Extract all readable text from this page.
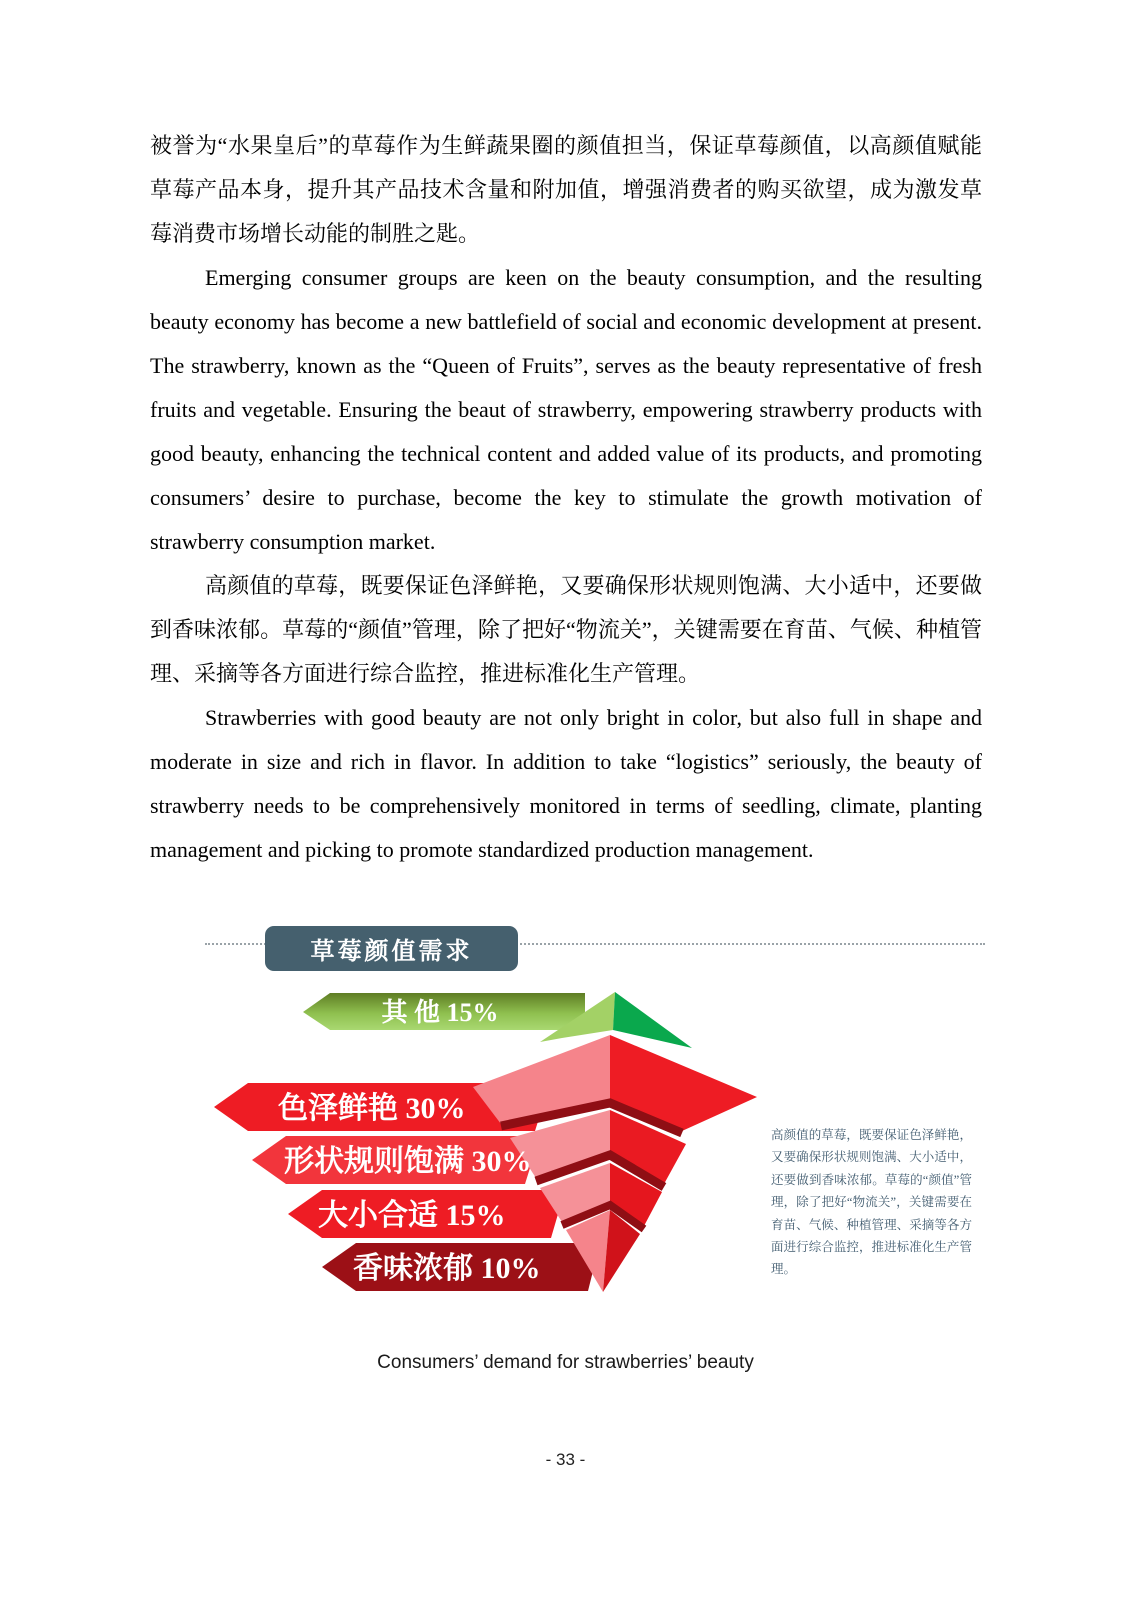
被誉为“水果皇后”的草莓作为生鲜蔬果圈的颜值担当，保证草莓颜值，以高颜值赋能草莓产品本身，提升其产品技术含量和附加值，增强消费者的购买欲望，成为激发草莓消费市场增长动能的制胜之匙。

Emerging consumer groups are keen on the beauty consumption, and the resulting beauty economy has become a new battlefield of social and economic development at present. The strawberry, known as the “Queen of Fruits”, serves as the beauty representative of fresh fruits and vegetable. Ensuring the beaut of strawberry, empowering strawberry products with good beauty, enhancing the technical content and added value of its products, and promoting consumers’ desire to purchase, become the key to stimulate the growth motivation of strawberry consumption market.

高颜值的草莓，既要保证色泽鲜艳，又要确保形状规则饱满、大小适中，还要做到香味浓郁。草莓的“颜值”管理，除了把好“物流关”，关键需要在育苗、气候、种植管理、采摘等各方面进行综合监控，推进标准化生产管理。

Strawberries with good beauty are not only bright in color, but also full in shape and moderate in size and rich in flavor. In addition to take “logistics” seriously, the beauty of strawberry needs to be comprehensively monitored in terms of seedling, climate, planting management and picking to promote standardized production management.

草莓颜值需求
其 他 15%
色泽鲜艳 30%
形状规则饱满 30%
大小合适 15%
香味浓郁 10%
高颜值的草莓，既要保证色泽鲜艳，又要确保形状规则饱满、大小适中，还要做到香味浓郁。草莓的“颜值”管理，除了把好“物流关”，关键需要在育苗、气候、种植管理、采摘等各方面进行综合监控，推进标准化生产管理。
Consumers’ demand for strawberries’ beauty
- 33 -
